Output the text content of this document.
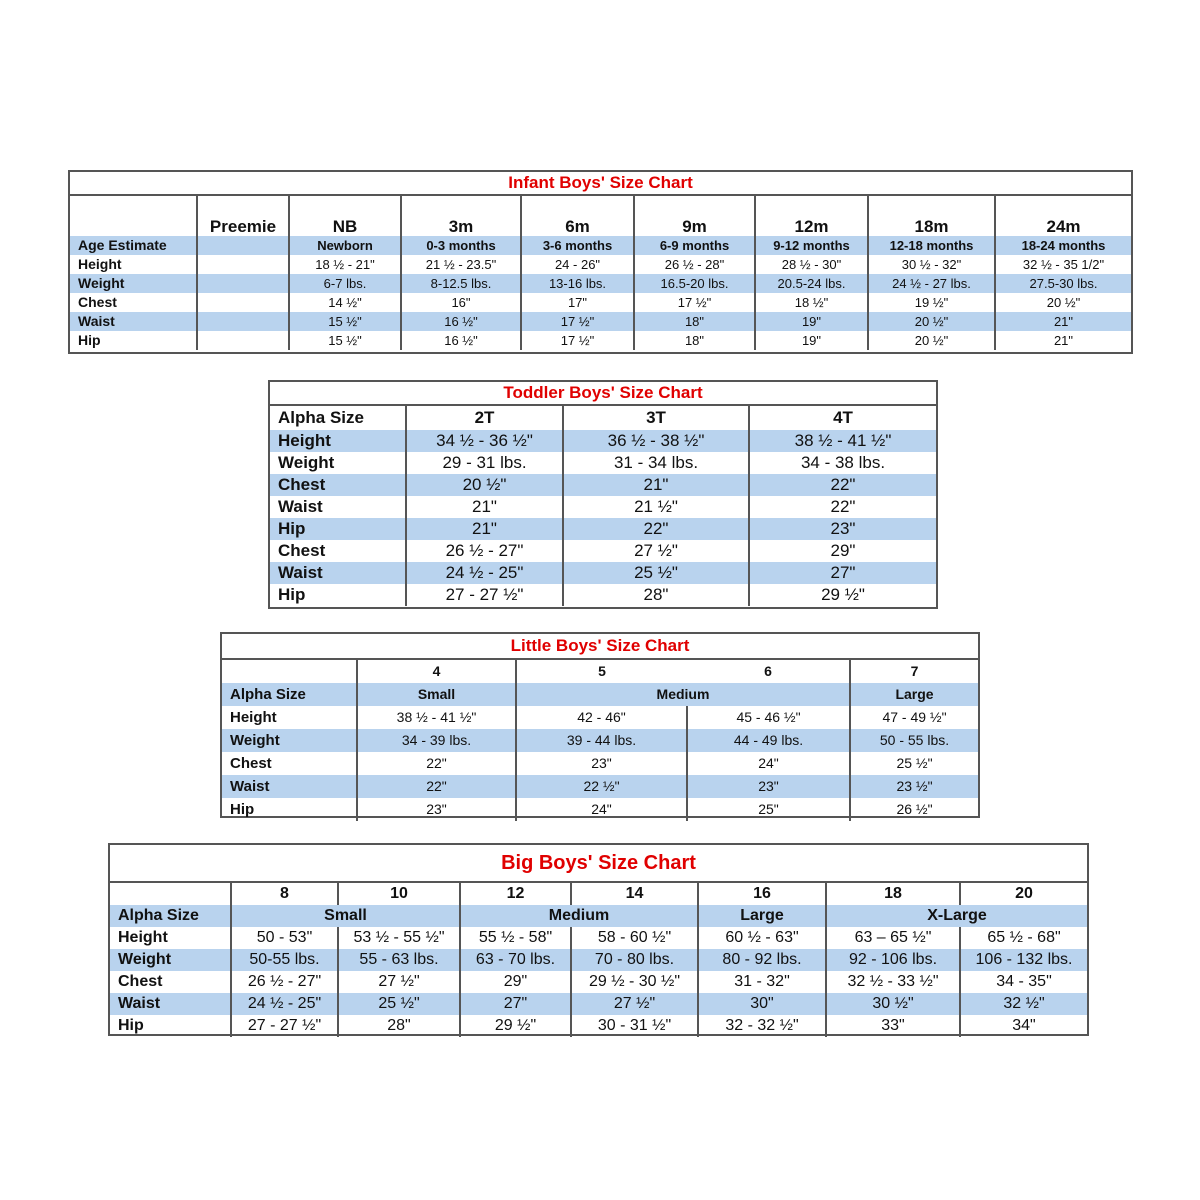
Infant Boys' Size Chart
	Preemie	NB	3m	6m	9m	12m	18m	24m
Age Estimate		Newborn	0-3 months	3-6 months	6-9 months	9-12 months	12-18 months	18-24 months
Height		18 ½ - 21"	21 ½ - 23.5"	24 - 26"	26 ½ - 28"	28 ½ - 30"	30 ½ - 32"	32 ½ - 35 1/2"
Weight		6-7 lbs.	8-12.5 lbs.	13-16 lbs.	16.5-20 lbs.	20.5-24 lbs.	24 ½ - 27 lbs.	27.5-30 lbs.
Chest		14 ½"	16"	17"	17 ½"	18 ½"	19 ½"	20 ½"
Waist		15 ½"	16 ½"	17 ½"	18"	19"	20 ½"	21"
Hip		15 ½"	16 ½"	17 ½"	18"	19"	20 ½"	21"
Toddler Boys' Size Chart
Alpha Size	2T	3T	4T
Height	34 ½ - 36 ½"	36 ½ - 38 ½"	38 ½ - 41 ½"
Weight	29 - 31 lbs.	31 - 34 lbs.	34 - 38 lbs.
Chest	20 ½"	21"	22"
Waist	21"	21 ½"	22"
Hip	21"	22"	23"
Chest	26 ½ - 27"	27 ½"	29"
Waist	24 ½ - 25"	25 ½"	27"
Hip	27 - 27 ½"	28"	29 ½"
Little Boys' Size Chart
	4	5	6	7
Alpha Size	Small	Medium		Large
Height	38 ½ - 41 ½"	42 - 46"	45 - 46 ½"	47 - 49 ½"
Weight	34 - 39 lbs.	39 - 44 lbs.	44 - 49 lbs.	50 - 55 lbs.
Chest	22"	23"	24"	25 ½"
Waist	22"	22 ½"	23"	23 ½"
Hip	23"	24"	25"	26 ½"
Big Boys' Size Chart
	8	10	12	14	16	18	20
Alpha Size	Small		Medium		Large	X-Large	
Height	50 - 53"	53 ½ - 55 ½"	55 ½ - 58"	58 - 60 ½"	60 ½ - 63"	63 – 65 ½"	65 ½ - 68"
Weight	50-55 lbs.	55 - 63 lbs.	63 - 70 lbs.	70 - 80 lbs.	80 - 92 lbs.	92 - 106 lbs.	106 - 132 lbs.
Chest	26 ½ - 27"	27 ½"	29"	29 ½ - 30 ½"	31 - 32"	32 ½ - 33 ½"	34 - 35"
Waist	24 ½ - 25"	25 ½"	27"	27 ½"	30"	30 ½"	32 ½"
Hip	27 - 27 ½"	28"	29 ½"	30 - 31 ½"	32 - 32 ½"	33"	34"
